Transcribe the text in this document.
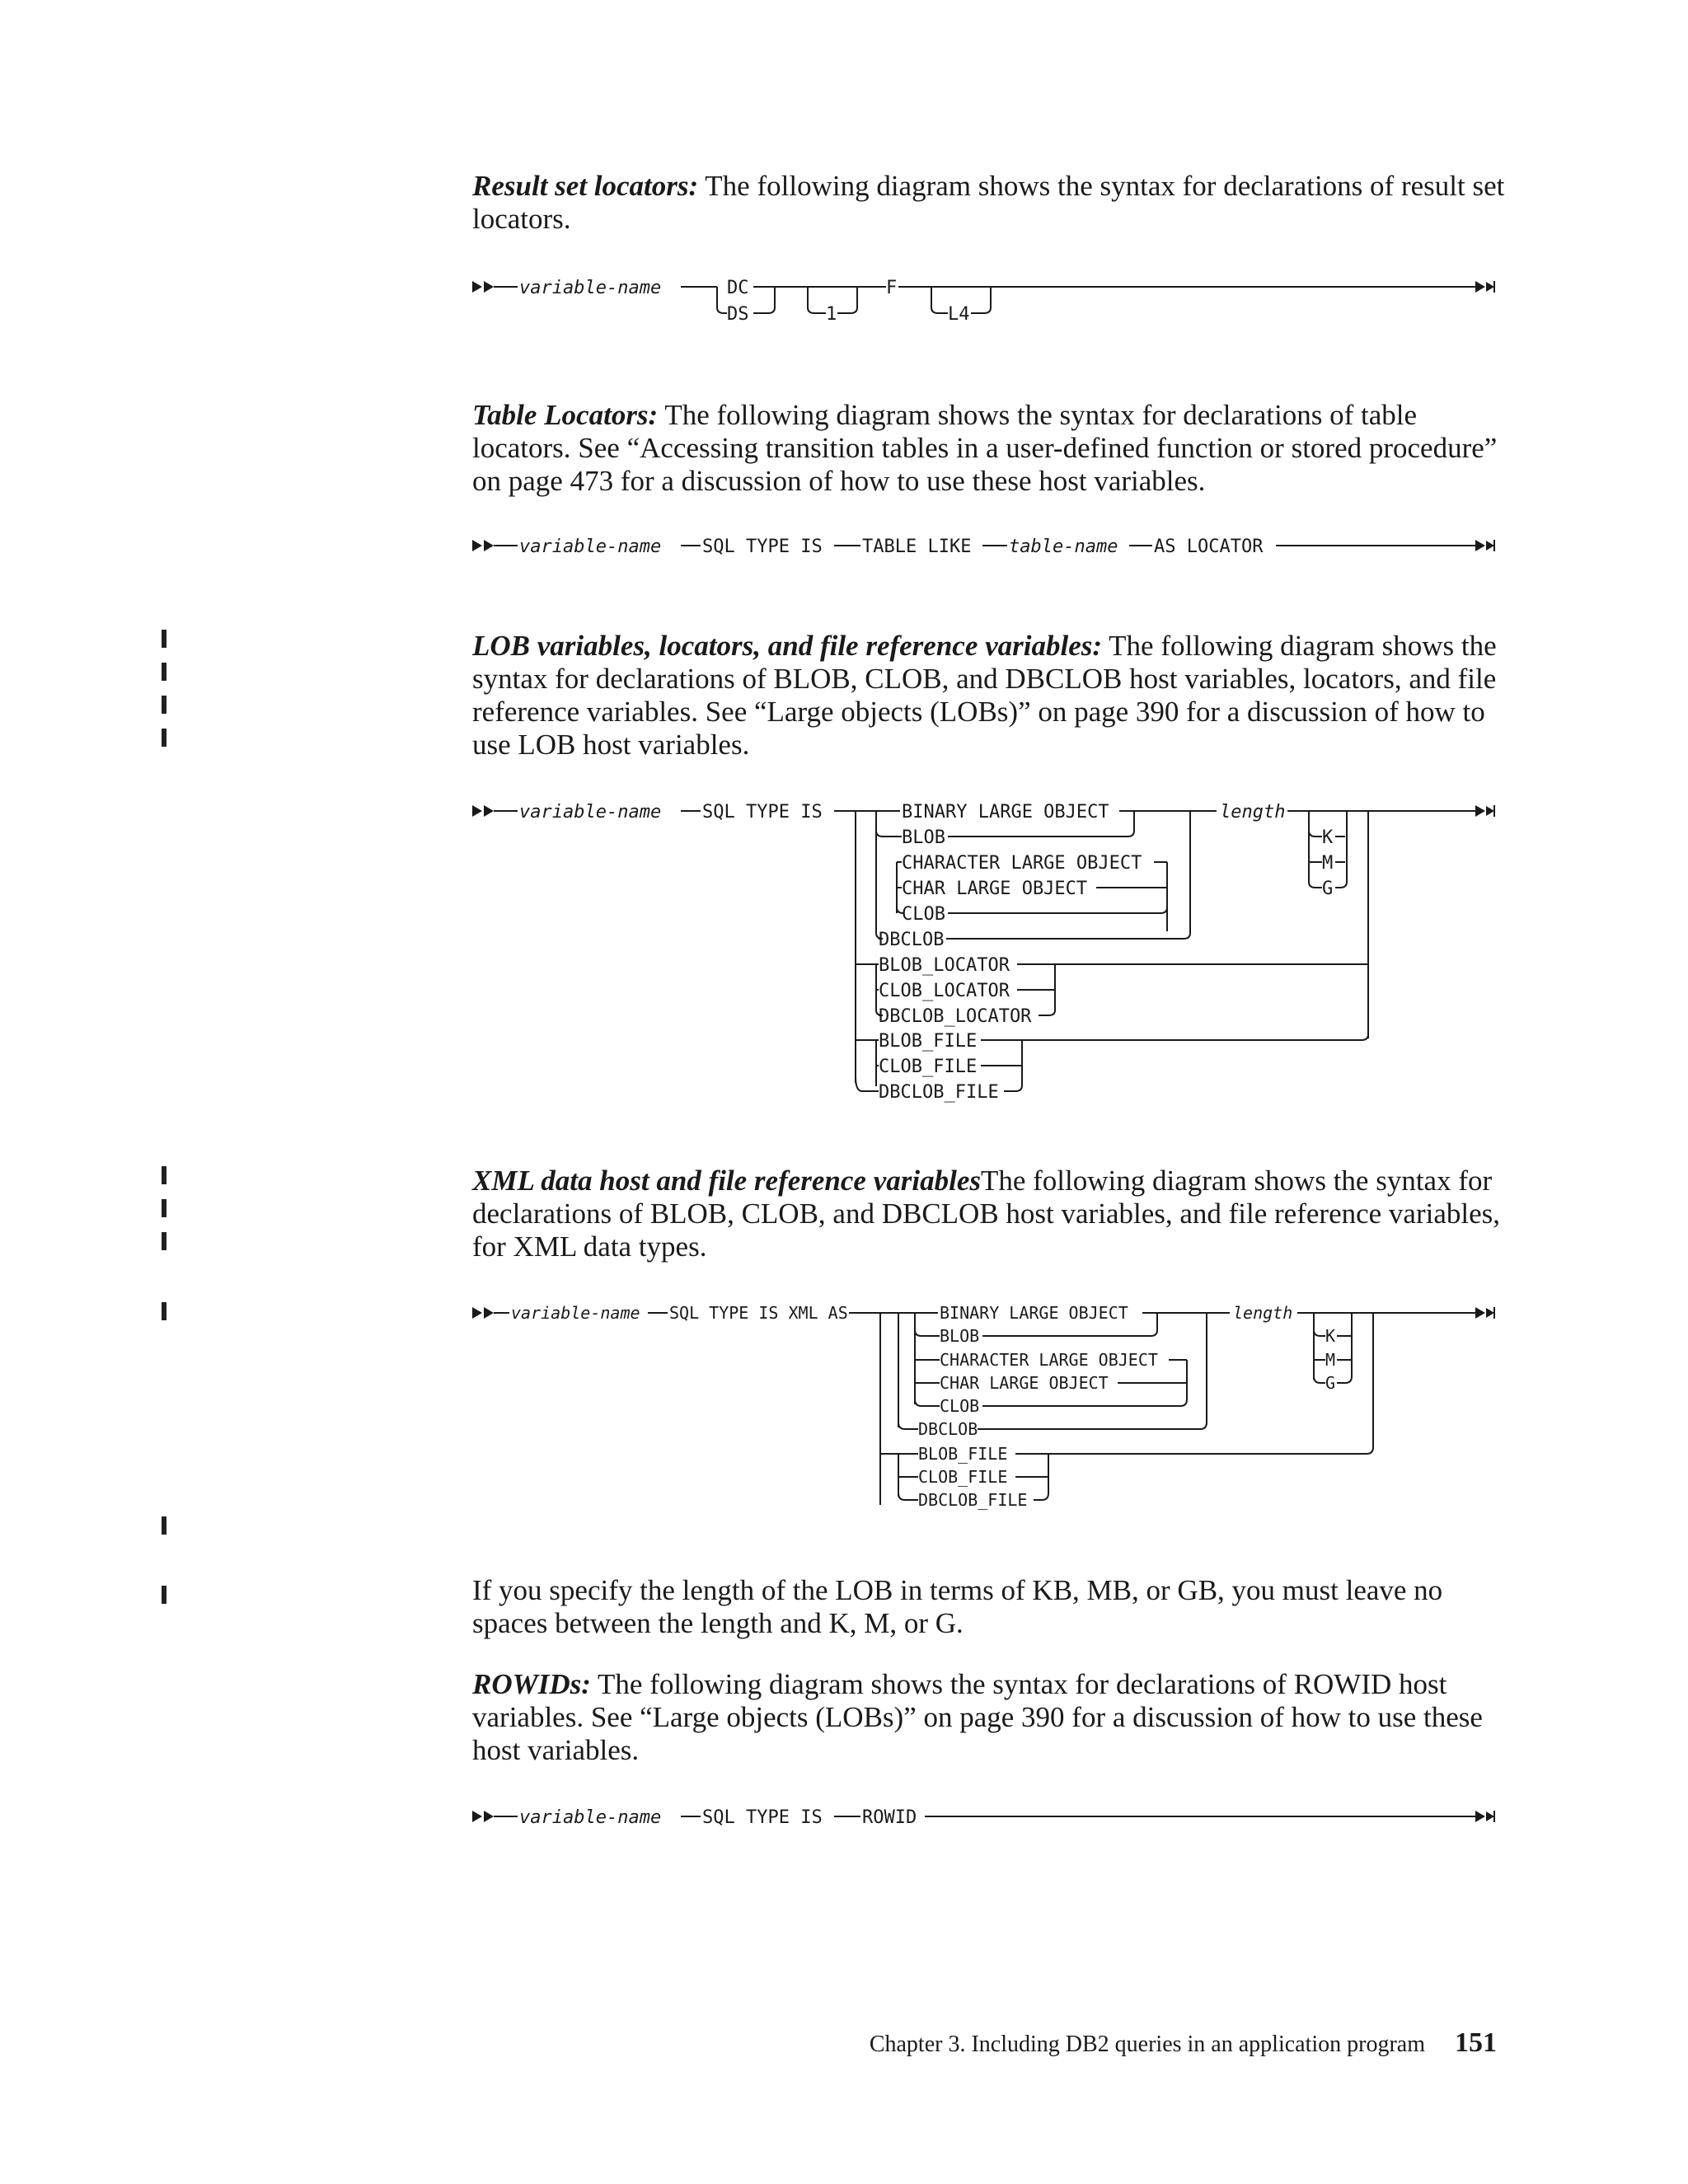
Result set locators: The following diagram shows the syntax for declarations of result set locators.

Table Locators: The following diagram shows the syntax for declarations of table locators. See “Accessing transition tables in a user-defined function or stored procedure” on page 473 for a discussion of how to use these host variables.

LOB variables, locators, and file reference variables: The following diagram shows the syntax for declarations of BLOB, CLOB, and DBCLOB host variables, locators, and file reference variables. See “Large objects (LOBs)” on page 390 for a discussion of how to use LOB host variables.

XML data host and file reference variablesThe following diagram shows the syntax for declarations of BLOB, CLOB, and DBCLOB host variables, and file reference variables, for XML data types.

If you specify the length of the LOB in terms of KB, MB, or GB, you must leave no spaces between the length and K, M, or G.

ROWIDs: The following diagram shows the syntax for declarations of ROWID host variables. See “Large objects (LOBs)” on page 390 for a discussion of how to use these host variables.

variable-name	DC
DS	1
F
L4
variable-name SQL TYPE IS TABLE LIKE table-name AS LOCATOR
variable-name SQL TYPE IS	BINARY LARGE OBJECT
BLOB
CHARACTER LARGE OBJECT
CHAR LARGE OBJECT
CLOB
DBCLOB
length
K
M
G
BLOB_LOCATOR
CLOB_LOCATOR
DBCLOB_LOCATOR
BLOB_FILE
CLOB_FILE
DBCLOB_FILE
variable-name SQL TYPE IS XML AS	BINARY LARGE OBJECT
BLOB
CHARACTER LARGE OBJECT
CHAR LARGE OBJECT
CLOB
DBCLOB
length
K
M
G
BLOB_FILE
CLOB_FILE
DBCLOB_FILE
variable-name SQL TYPE IS ROWID
Chapter 3. Including DB2 queries in an application program 151
